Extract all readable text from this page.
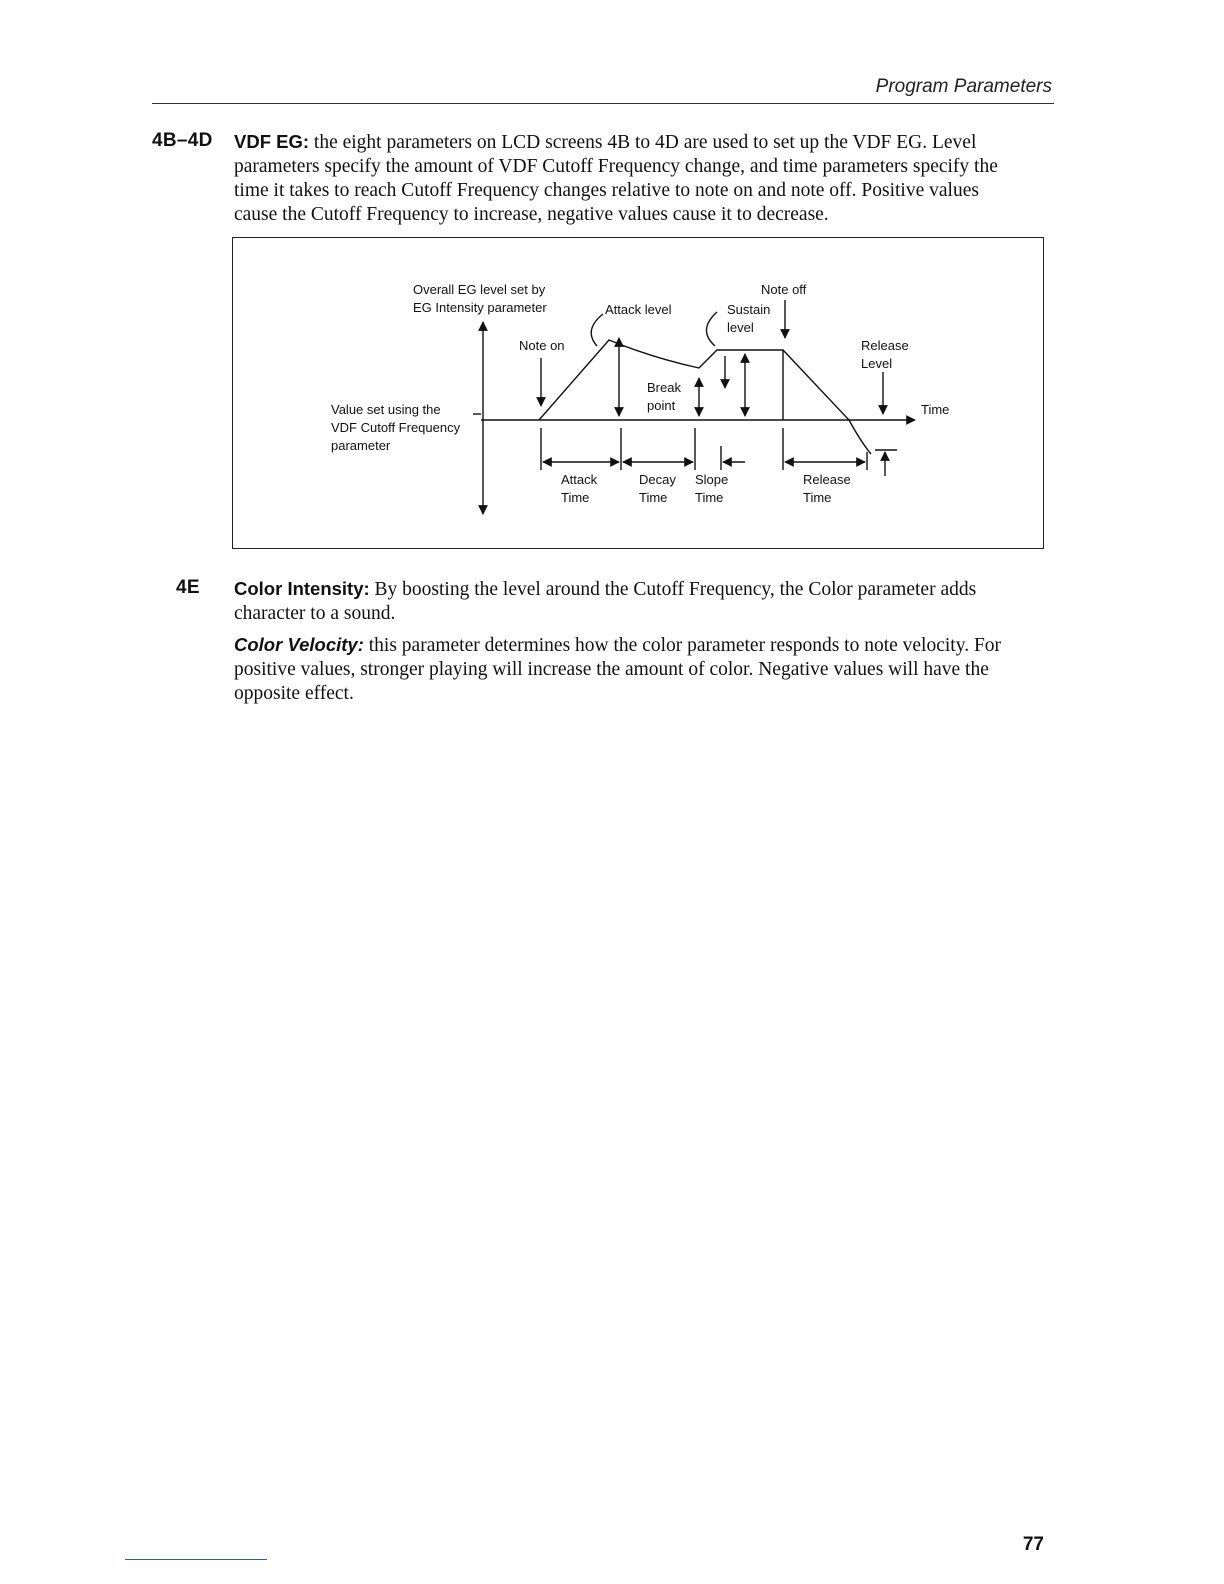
Program Parameters
4B–4D VDF EG: the eight parameters on LCD screens 4B to 4D are used to set up the VDF EG. Level
parameters specify the amount of VDF Cutoff Frequency change, and time parameters specify the
time it takes to reach Cutoff Frequency changes relative to note on and note off. Positive values
cause the Cutoff Frequency to increase, negative values cause it to decrease.
Overall EG level set by
EG Intensity parameter
Value set using the
VDF Cutoff Frequency
parameter
Note on
Attack level
Note off
Sustain
level
Break
point
Release
Level
Time
Attack
Time
Decay
Time
Slope
Time
Release
Time
4E Color Intensity: By boosting the level around the Cutoff Frequency, the Color parameter adds
character to a sound.
Color Velocity: this parameter determines how the color parameter responds to note velocity. For
positive values, stronger playing will increase the amount of color. Negative values will have the
opposite effect.
77
